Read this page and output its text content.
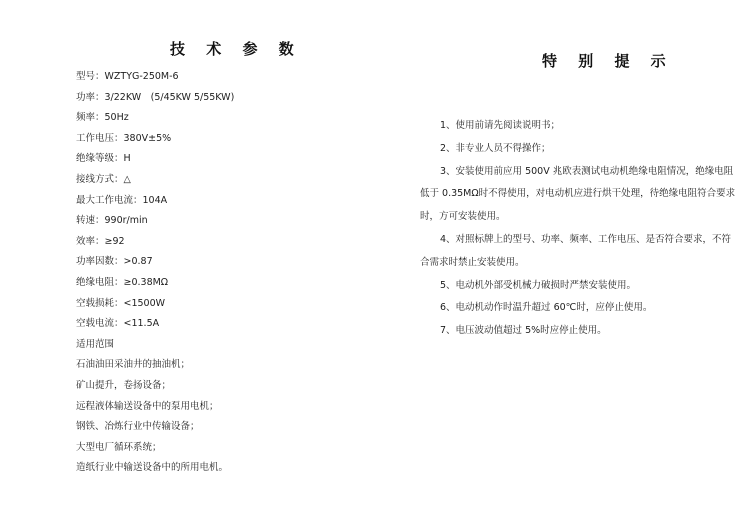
技 术 参 数
型号：WZTYG-250M-6
功率：3/22KW　(5/45KW 5/55KW)
频率：50Hz
工作电压：380V±5%
绝缘等级：H
接线方式：△
最大工作电流：104A
转速：990r/min
效率：≥92
功率因数：>0.87
绝缘电阻：≥0.38MΩ
空载损耗：<1500W
空载电流：<11.5A
适用范围
石油油田采油井的抽油机；
矿山提升，卷扬设备；
远程液体输送设备中的泵用电机；
钢铁、冶炼行业中传输设备；
大型电厂循环系统；
造纸行业中输送设备中的所用电机。
特 别 提 示

1、使用前请先阅读说明书；

2、非专业人员不得操作；

3、安装使用前应用 500V 兆欧表测试电动机绝缘电阻情况，绝缘电阻低于 0.35MΩ时不得使用，对电动机应进行烘干处理，待绝缘电阻符合要求时，方可安装使用。

4、对照标牌上的型号、功率、频率、工作电压、是否符合要求，不符合需求时禁止安装使用。

5、电动机外部受机械力破损时严禁安装使用。

6、电动机动作时温升超过 60℃时，应停止使用。

7、电压波动值超过 5%时应停止使用。
